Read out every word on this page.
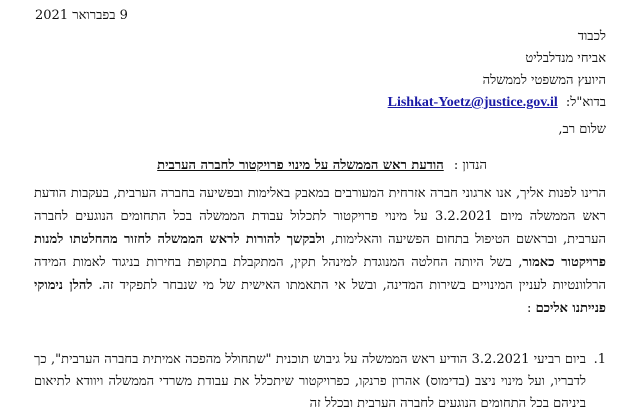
9 בפברואר 2021
לכבוד
אביחי מנדלבליט
היועץ המשפטי לממשלה
בדוא"ל: Lishkat-Yoetz@justice.gov.il
שלום רב,
הנדון : הודעת ראש הממשלה על מינוי פרויקטור לחברה הערבית
הרינו לפנות אליך, אנו ארגוני חברה אזרחית המעורבים במאבק באלימות ובפשיעה בחברה הערבית, בעקבות הודעת ראש הממשלה מיום 3.2.2021 על מינוי פרויקטור לתכלול עבודת הממשלה בכל התחומים הנוגעים לחברה הערבית, ובראשם הטיפול בתחום הפשיעה והאלימות, ולבקשך להורות לראש הממשלה לחזור מהחלטתו למנות פרויקטור כאמור, בשל היותה החלטה המנוגדת למינהל תקין, המתקבלת בתקופת בחירות בניגוד לאמות המידה הרלוונטיות לעניין המינויים בשירות המדינה, ובשל אי התאמתו האישית של מי שנבחר לתפקיד זה. להלן נימוקי פנייתנו אליכם :
1.
ביום רביעי 3.2.2021 הודיע ראש הממשלה על גיבוש תוכנית "שתחולל מהפכה אמיתית בחברה הערבית", כך לדבריו, ועל מינוי ניצב (בדימוס) אהרון פרנקו, כפרויקטור שיתכלל את עבודת משרדי הממשלה ויוודא לתיאום ביניהם בכל התחומים הנוגעים לחברה הערבית ובכלל זה
